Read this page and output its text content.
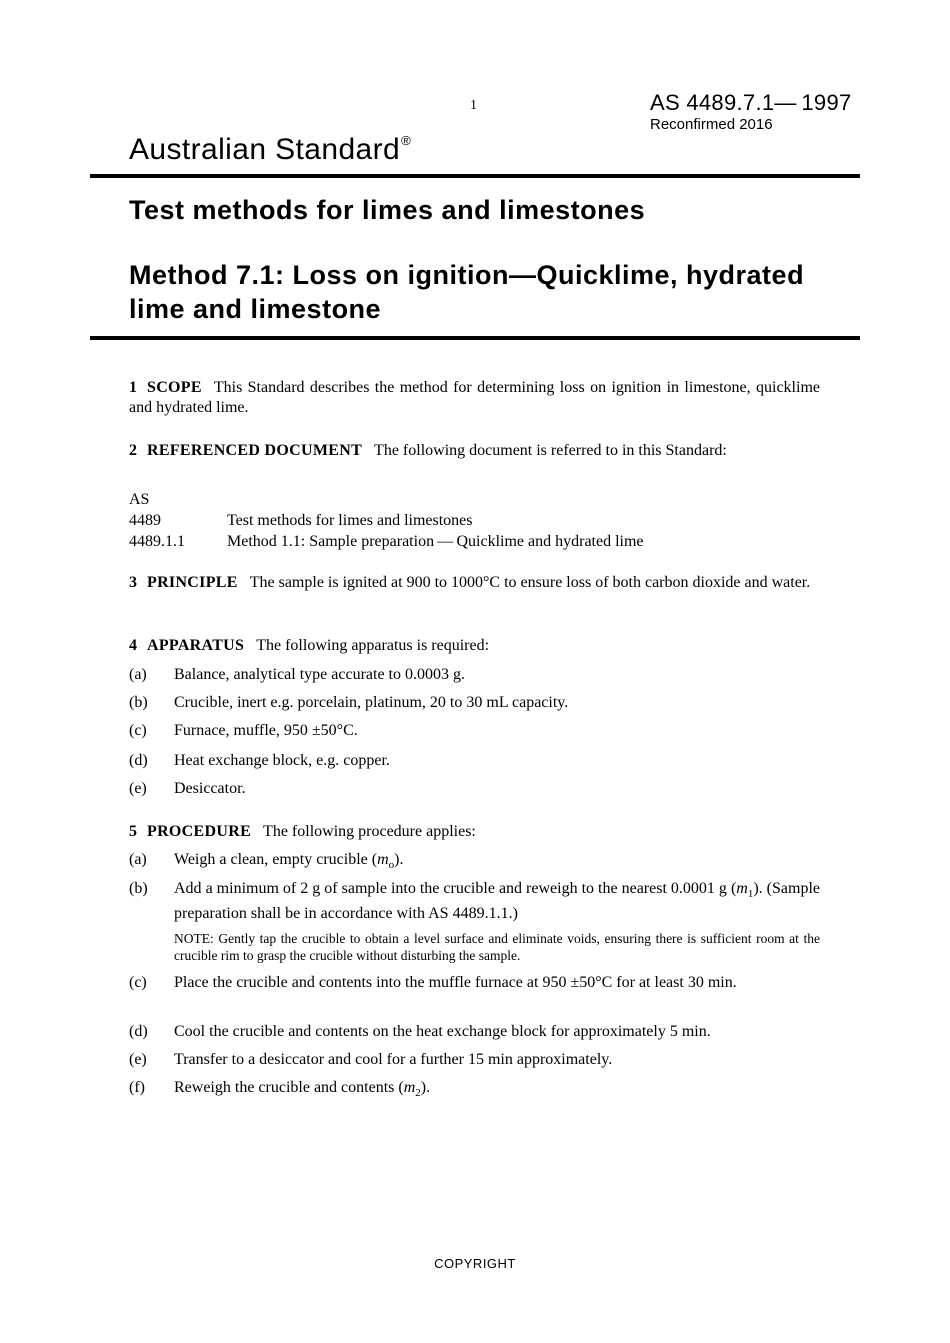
1	AS 4489.7.1— 1997
Reconfirmed 2016
Australian Standard®
Test methods for limes and limestones
Method 7.1: Loss on ignition—Quicklime, hydrated lime and limestone
1 SCOPE This Standard describes the method for determining loss on ignition in limestone, quicklime and hydrated lime.
2 REFERENCED DOCUMENT The following document is referred to in this Standard:
AS
4489	Test methods for limes and limestones
4489.1.1	Method 1.1: Sample preparation — Quicklime and hydrated lime
3 PRINCIPLE The sample is ignited at 900 to 1000°C to ensure loss of both carbon dioxide and water.
4 APPARATUS The following apparatus is required:
(a) Balance, analytical type accurate to 0.0003 g.
(b) Crucible, inert e.g. porcelain, platinum, 20 to 30 mL capacity.
(c) Furnace, muffle, 950 ±50°C.
(d) Heat exchange block, e.g. copper.
(e) Desiccator.
5 PROCEDURE The following procedure applies:
(a) Weigh a clean, empty crucible $(m_o)$.
(b) Add a minimum of 2 g of sample into the crucible and reweigh to the nearest 0.0001 g $(m_1)$. (Sample preparation shall be in accordance with AS 4489.1.1.)
NOTE: Gently tap the crucible to obtain a level surface and eliminate voids, ensuring there is sufficient room at the crucible rim to grasp the crucible without disturbing the sample.
(c) Place the crucible and contents into the muffle furnace at 950 ±50°C for at least 30 min.
(d) Cool the crucible and contents on the heat exchange block for approximately 5 min.
(e) Transfer to a desiccator and cool for a further 15 min approximately.
(f) Reweigh the crucible and contents $(m_2)$.
COPYRIGHT
